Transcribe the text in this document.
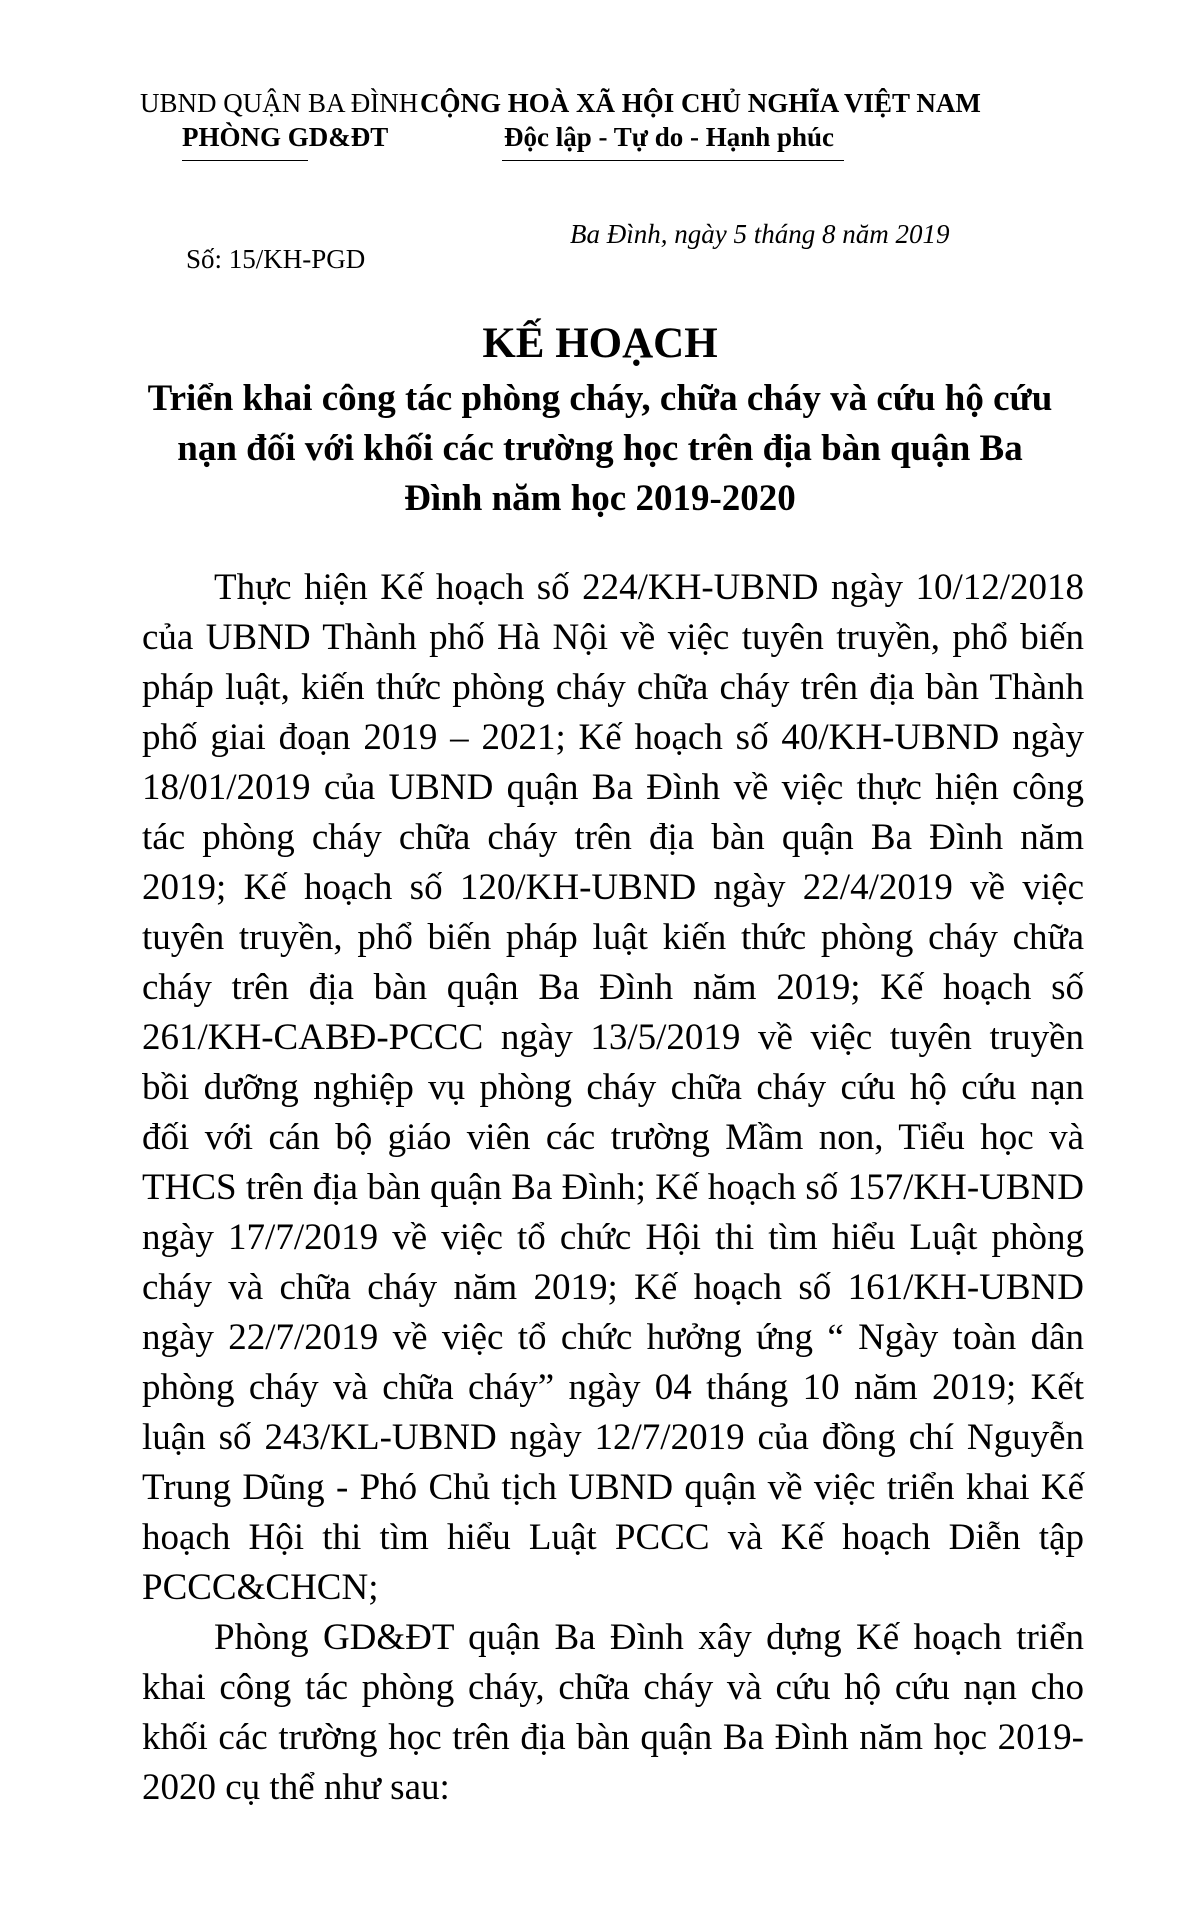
UBND QUẬN BA ĐÌNH
PHÒNG GD&ĐT
CỘNG HOÀ XÃ HỘI CHỦ NGHĨA VIỆT NAM
Độc lập - Tự do - Hạnh phúc
Ba Đình, ngày 5 tháng 8 năm 2019
Số: 15/KH-PGD
KẾ HOẠCH
Triển khai công tác phòng cháy, chữa cháy và cứu hộ cứu nạn đối với khối các trường học trên địa bàn quận Ba Đình năm học 2019-2020

Thực hiện Kế hoạch số 224/KH-UBND ngày 10/12/2018 của UBND Thành phố Hà Nội về việc tuyên truyền, phổ biến pháp luật, kiến thức phòng cháy chữa cháy trên địa bàn Thành phố giai đoạn 2019 – 2021; Kế hoạch số 40/KH-UBND ngày 18/01/2019 của UBND quận Ba Đình về việc thực hiện công tác phòng cháy chữa cháy trên địa bàn quận Ba Đình năm 2019; Kế hoạch số 120/KH-UBND ngày 22/4/2019 về việc tuyên truyền, phổ biến pháp luật kiến thức phòng cháy chữa cháy trên địa bàn quận Ba Đình năm 2019; Kế hoạch số 261/KH-CABĐ-PCCC ngày 13/5/2019 về việc tuyên truyền bồi dưỡng nghiệp vụ phòng cháy chữa cháy cứu hộ cứu nạn đối với cán bộ giáo viên các trường Mầm non, Tiểu học và THCS trên địa bàn quận Ba Đình; Kế hoạch số 157/KH-UBND ngày 17/7/2019 về việc tổ chức Hội thi tìm hiểu Luật phòng cháy và chữa cháy năm 2019; Kế hoạch số 161/KH-UBND ngày 22/7/2019 về việc tổ chức hưởng ứng “ Ngày toàn dân phòng cháy và chữa cháy” ngày 04 tháng 10 năm 2019; Kết luận số 243/KL-UBND ngày 12/7/2019 của đồng chí Nguyễn Trung Dũng - Phó Chủ tịch UBND quận về việc triển khai Kế hoạch Hội thi tìm hiểu Luật PCCC và Kế hoạch Diễn tập PCCC&CHCN;

Phòng GD&ĐT quận Ba Đình xây dựng Kế hoạch triển khai công tác phòng cháy, chữa cháy và cứu hộ cứu nạn cho khối các trường học trên địa bàn quận Ba Đình năm học 2019-2020 cụ thể như sau:
